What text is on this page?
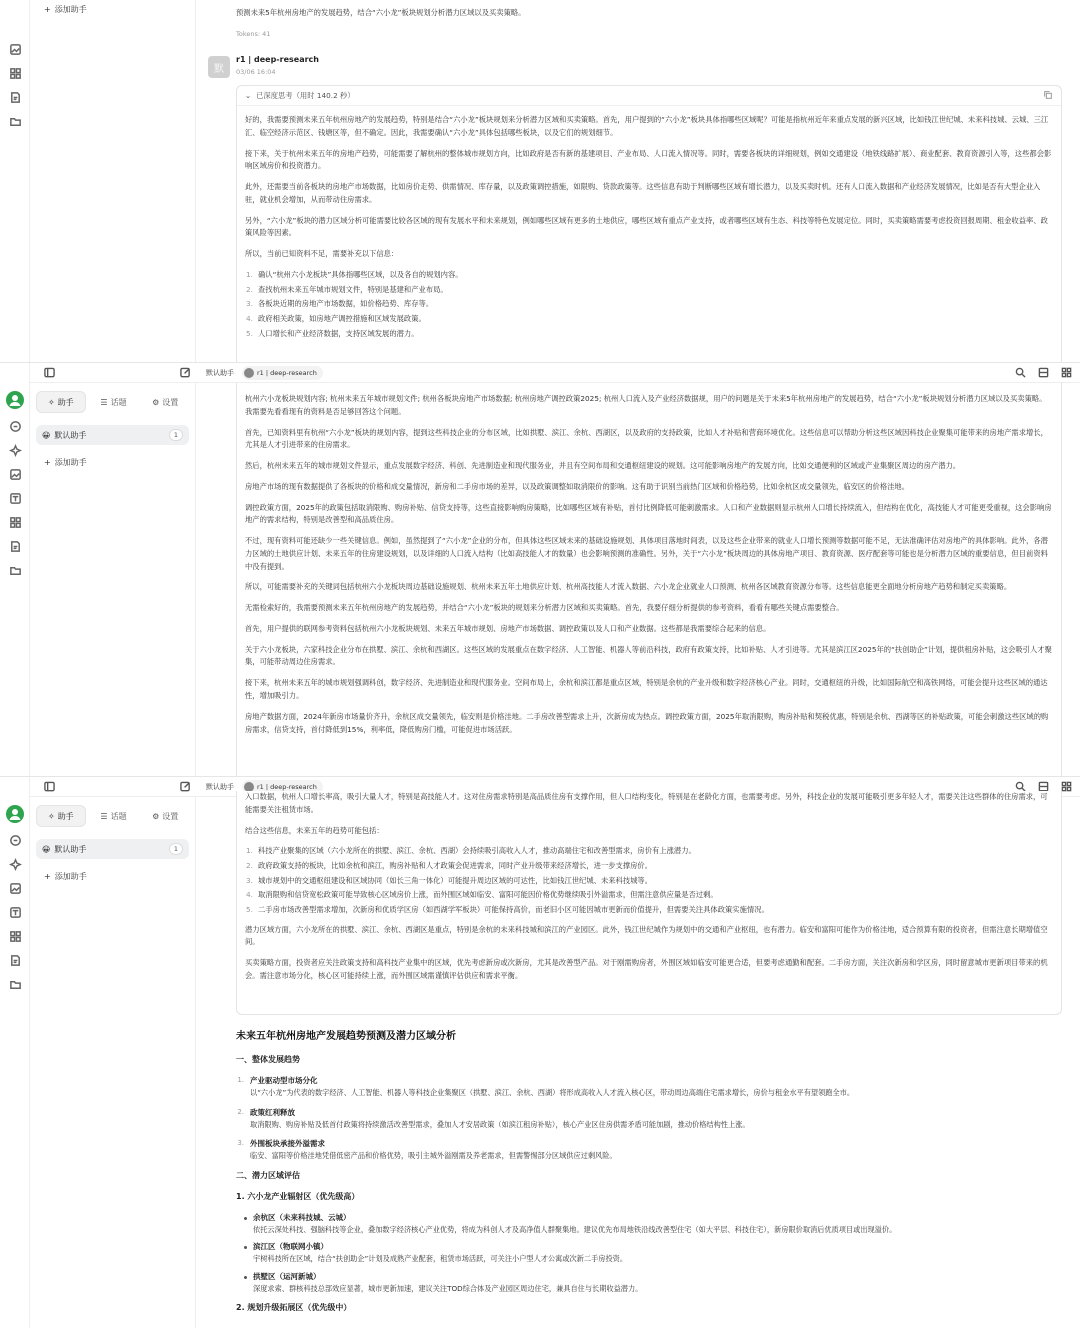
+ 添加助手	预测未来5年杭州房地产的发展趋势，结合“六小龙”板块规划分析潜力区域以及买卖策略。
Tokens: 41
默
r1 | deep-research
03/06 16:04
⌄ 已深度思考（用时 140.2 秒）
好的，我需要预测未来五年杭州房地产的发展趋势，特别是结合“六小龙”板块规划来分析潜力区域和买卖策略。首先，用户提到的“六小龙”板块具体指哪些区域呢？可能是指杭州近年来重点发展的新兴区域，比如钱江世纪城、未来科技城、云城、三江汇、临空经济示范区、钱塘区等，但不确定。因此，我需要确认“六小龙”具体包括哪些板块，以及它们的规划细节。
接下来，关于杭州未来五年的房地产趋势，可能需要了解杭州的整体城市规划方向，比如政府是否有新的基建项目、产业布局、人口流入情况等。同时，需要各板块的详细规划，例如交通建设（地铁线路扩展）、商业配套、教育资源引入等，这些都会影响区域房价和投资潜力。
此外，还需要当前各板块的房地产市场数据，比如房价走势、供需情况、库存量，以及政策调控措施，如限购、贷款政策等。这些信息有助于判断哪些区域有增长潜力，以及买卖时机。还有人口流入数据和产业经济发展情况，比如是否有大型企业入驻，就业机会增加，从而带动住房需求。
另外，“六小龙”板块的潜力区域分析可能需要比较各区域的现有发展水平和未来规划，例如哪些区域有更多的土地供应，哪些区域有重点产业支持，或者哪些区域有生态、科技等特色发展定位。同时，买卖策略需要考虑投资回报周期、租金收益率、政策风险等因素。
所以，当前已知资料不足，需要补充以下信息：
1. 确认“杭州六小龙板块”具体指哪些区域，以及各自的规划内容。
2. 查找杭州未来五年城市规划文件，特别是基建和产业布局。
3. 各板块近期的房地产市场数据，如价格趋势、库存等。
4. 政府相关政策，如房地产调控措施和区域发展政策。
5. 人口增长和产业经济数据，支持区域发展的潜力。
默认助手	r1 | deep-research
✧ 助手	☰ 话题	⚙ 设置
😀 默认助手	1
+ 添加助手
杭州六小龙板块规划内容; 杭州未来五年城市规划文件; 杭州各板块房地产市场数据; 杭州房地产调控政策2025; 杭州人口流入及产业经济数据规，用户的问题是关于未来5年杭州房地产的发展趋势，结合“六小龙”板块规划分析潜力区域以及买卖策略。我需要先看看现有的资料是否足够回答这个问题。
首先，已知资料里有杭州“六小龙”板块的规划内容，提到这些科技企业的分布区域，比如拱墅、滨江、余杭、西湖区，以及政府的支持政策，比如人才补贴和营商环境优化。这些信息可以帮助分析这些区域因科技企业聚集可能带来的房地产需求增长，尤其是人才引进带来的住房需求。
然后，杭州未来五年的城市规划文件显示，重点发展数字经济、科创、先进制造业和现代服务业，并且有空间布局和交通枢纽建设的规划。这可能影响房地产的发展方向，比如交通便利的区域或产业集聚区周边的房产潜力。
房地产市场的现有数据提供了各板块的价格和成交量情况，新房和二手房市场的差异，以及政策调整如取消限价的影响。这有助于识别当前热门区域和价格趋势，比如余杭区成交量领先，临安区的价格洼地。
调控政策方面，2025年的政策包括取消限购、购房补贴、信贷支持等，这些直接影响购房策略，比如哪些区域有补贴，首付比例降低可能刺激需求。人口和产业数据则显示杭州人口增长持续流入，但结构在优化，高技能人才可能更受重视，这会影响房地产的需求结构，特别是改善型和高品质住房。
不过，现有资料可能还缺少一些关键信息。例如，虽然提到了“六小龙”企业的分布，但具体这些区域未来的基础设施规划、具体项目落地时间表，以及这些企业带来的就业人口增长预测等数据可能不足，无法准确评估对房地产的具体影响。此外，各潜力区域的土地供应计划、未来五年的住房建设规划，以及详细的人口流入结构（比如高技能人才的数量）也会影响预测的准确性。另外，关于“六小龙”板块周边的具体房地产项目、教育资源、医疗配套等可能也是分析潜力区域的重要信息，但目前资料中没有提到。
所以，可能需要补充的关键词包括杭州六小龙板块周边基础设施规划、杭州未来五年土地供应计划、杭州高技能人才流入数据、六小龙企业就业人口预测、杭州各区域教育资源分布等。这些信息能更全面地分析房地产趋势和制定买卖策略。
无需检索好的，我需要预测未来五年杭州房地产的发展趋势，并结合“六小龙”板块的规划来分析潜力区域和买卖策略。首先，我要仔细分析提供的参考资料，看看有哪些关键点需要整合。
首先，用户提供的联网参考资料包括杭州六小龙板块规划、未来五年城市规划、房地产市场数据、调控政策以及人口和产业数据。这些都是我需要综合起来的信息。
关于六小龙板块，六家科技企业分布在拱墅、滨江、余杭和西湖区。这些区域的发展重点在数字经济、人工智能、机器人等前沿科技，政府有政策支持，比如补贴、人才引进等。尤其是滨江区2025年的“扶创助企”计划，提供租房补贴，这会吸引人才聚集，可能带动周边住房需求。
接下来，杭州未来五年的城市规划强调科创，数字经济、先进制造业和现代服务业。空间布局上，余杭和滨江都是重点区域，特别是余杭的产业升级和数字经济核心产业。同时，交通枢纽的升级，比如国际航空和高铁网络，可能会提升这些区域的通达性，增加吸引力。
房地产数据方面，2024年新房市场量价齐升，余杭区成交量领先，临安则是价格洼地。二手房改善型需求上升，次新房成为热点。调控政策方面，2025年取消限购，购房补贴和契税优惠，特别是余杭、西湖等区的补贴政策，可能会刺激这些区域的购房需求，信贷支持，首付降低到15%，利率低，降低购房门槛，可能促进市场活跃。
默认助手	r1 | deep-research
✧ 助手	☰ 话题	⚙ 设置
😀 默认助手	1
+ 添加助手
入口数据，杭州人口增长率高，吸引大量人才，特别是高技能人才。这对住房需求特别是高品质住房有支撑作用，但人口结构变化，特别是在老龄化方面，也需要考虑。另外，科技企业的发展可能吸引更多年轻人才，需要关注这些群体的住房需求，可能需要关注租赁市场。
结合这些信息，未来五年的趋势可能包括：
1. 科技产业聚集的区域（六小龙所在的拱墅、滨江、余杭、西湖）会持续吸引高收入人才，推动高端住宅和改善型需求，房价有上涨潜力。
2. 政府政策支持的板块，比如余杭和滨江，购房补贴和人才政策会促进需求，同时产业升级带来经济增长，进一步支撑房价。
3. 城市规划中的交通枢纽建设和区域协同（如长三角一体化）可能提升周边区域的可达性，比如钱江世纪城、未来科技城等。
4. 取消限购和信贷宽松政策可能导致核心区域房价上涨，而外围区域如临安、富阳可能因价格优势继续吸引外溢需求，但需注意供应量是否过剩。
5. 二手房市场改善型需求增加，次新房和优质学区房（如西湖学军板块）可能保持高价，而老旧小区可能因城市更新而价值提升，但需要关注具体政策实施情况。
潜力区域方面，六小龙所在的拱墅、滨江、余杭、西湖区是重点，特别是余杭的未来科技城和滨江的产业园区。此外，钱江世纪城作为规划中的交通和产业枢纽，也有潜力。临安和富阳可能作为价格洼地，适合预算有限的投资者，但需注意长期增值空间。
买卖策略方面，投资者应关注政策支持和高科技产业集中的区域，优先考虑新房或次新房，尤其是改善型产品。对于刚需购房者，外围区域如临安可能更合适，但要考虑通勤和配套。二手房方面，关注次新房和学区房，同时留意城市更新项目带来的机会。需注意市场分化，核心区可能持续上涨，而外围区域需谨慎评估供应和需求平衡。
未来五年杭州房地产发展趋势预测及潜力区域分析
一、整体发展趋势
1. 产业驱动型市场分化
以“六小龙”为代表的数字经济、人工智能、机器人等科技企业集聚区（拱墅、滨江、余杭、西湖）将形成高收入人才流入核心区，带动周边高端住宅需求增长，房价与租金水平有望领跑全市。
2. 政策红利释放
取消限购、购房补贴及低首付政策将持续激活改善型需求，叠加人才安居政策（如滨江租房补贴），核心产业区住房供需矛盾可能加剧，推动价格结构性上涨。
3. 外围板块承接外溢需求
临安、富阳等价格洼地凭借低密产品和价格优势，吸引主城外溢刚需及养老需求，但需警惕部分区域供应过剩风险。
二、潜力区域评估
1. 六小龙产业辐射区（优先级高）
余杭区（未来科技城、云城）
依托云深处科技、强脑科技等企业，叠加数字经济核心产业优势，将成为科创人才及高净值人群聚集地。建议优先布局地铁沿线改善型住宅（如大平层、科技住宅），新房限价取消后优质项目或出现溢价。
滨江区（物联网小镇）
宇树科技所在区域，结合“扶创助企”计划及成熟产业配套，租赁市场活跃，可关注小户型人才公寓或次新二手房投资。
拱墅区（运河新城）
深度求索、群核科技总部效应显著，城市更新加速，建议关注TOD综合体及产业园区周边住宅，兼具自住与长期收益潜力。
2. 规划升级拓展区（优先级中）
